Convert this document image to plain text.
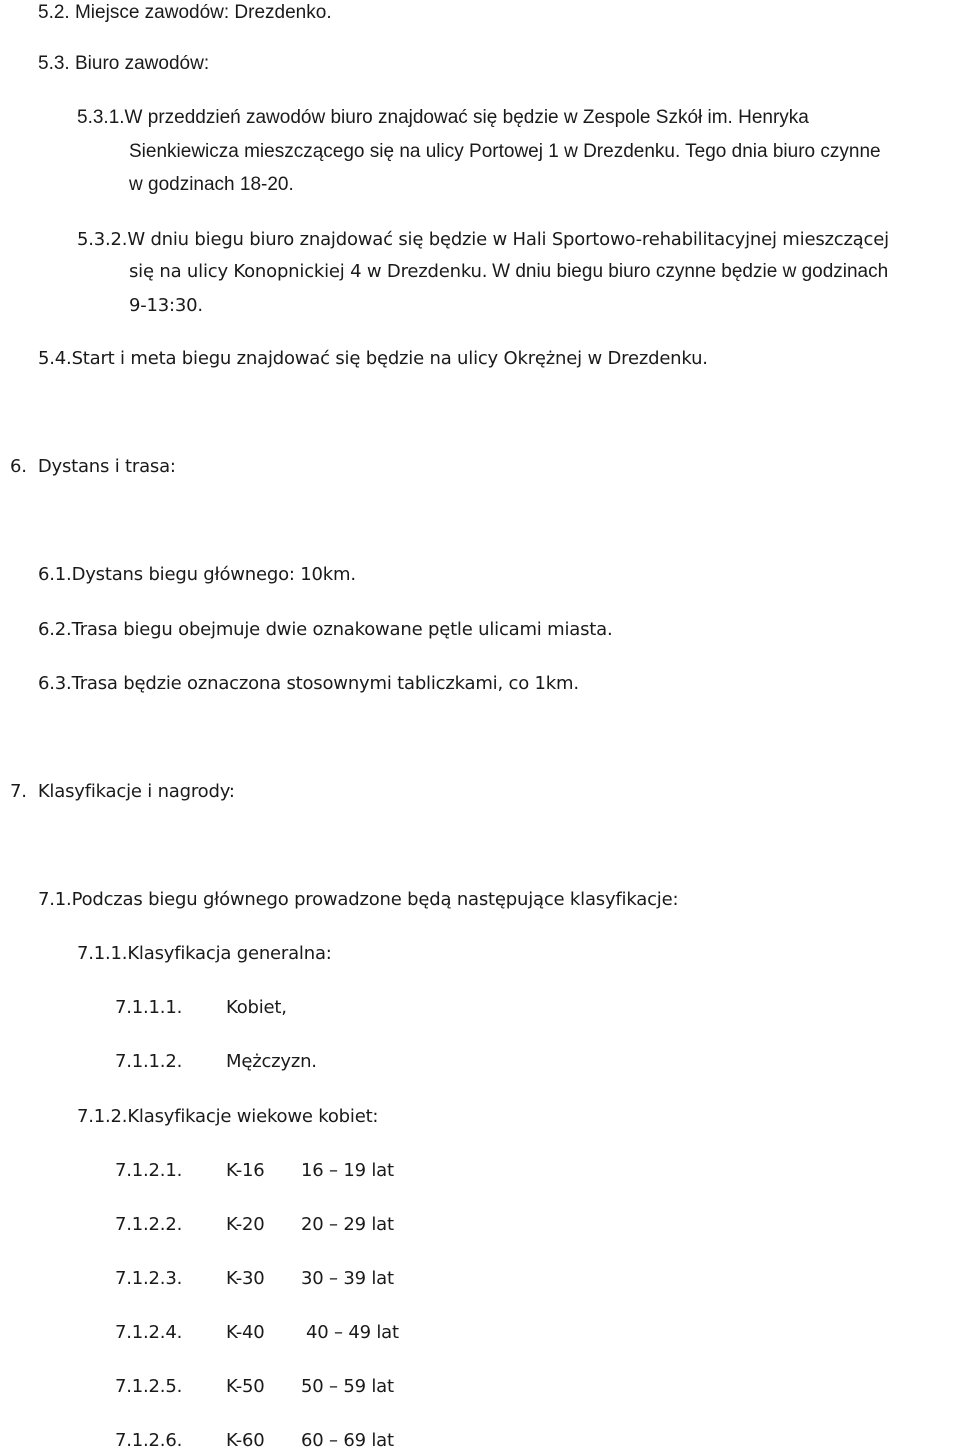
5.2. Miejsce zawodów: Drezdenko.
5.3. Biuro zawodów:
5.3.1.W przeddzień zawodów biuro znajdować się będzie w Zespole Szkół im. Henryka
Sienkiewicza mieszczącego się na ulicy Portowej 1 w Drezdenku. Tego dnia biuro czynne
w godzinach 18-20.
5.3.2.W dniu biegu biuro znajdować się będzie w Hali Sportowo-rehabilitacyjnej mieszczącej
się na ulicy Konopnickiej 4 w Drezdenku. W dniu biegu biuro czynne będzie w godzinach
9-13:30.
5.4.Start i meta biegu znajdować się będzie na ulicy Okrężnej w Drezdenku.
6. Dystans i trasa:
6.1.Dystans biegu głównego: 10km.
6.2.Trasa biegu obejmuje dwie oznakowane pętle ulicami miasta.
6.3.Trasa będzie oznaczona stosownymi tabliczkami, co 1km.
7. Klasyfikacje i nagrody:
7.1.Podczas biegu głównego prowadzone będą następujące klasyfikacje:
7.1.1.Klasyfikacja generalna:
7.1.1.1. Kobiet,
7.1.1.2. Mężczyzn.
7.1.2.Klasyfikacje wiekowe kobiet:
7.1.2.1. K-16 16 – 19 lat
7.1.2.2. K-20 20 – 29 lat
7.1.2.3. K-30 30 – 39 lat
7.1.2.4. K-40 40 – 49 lat
7.1.2.5. K-50 50 – 59 lat
7.1.2.6. K-60 60 – 69 lat
